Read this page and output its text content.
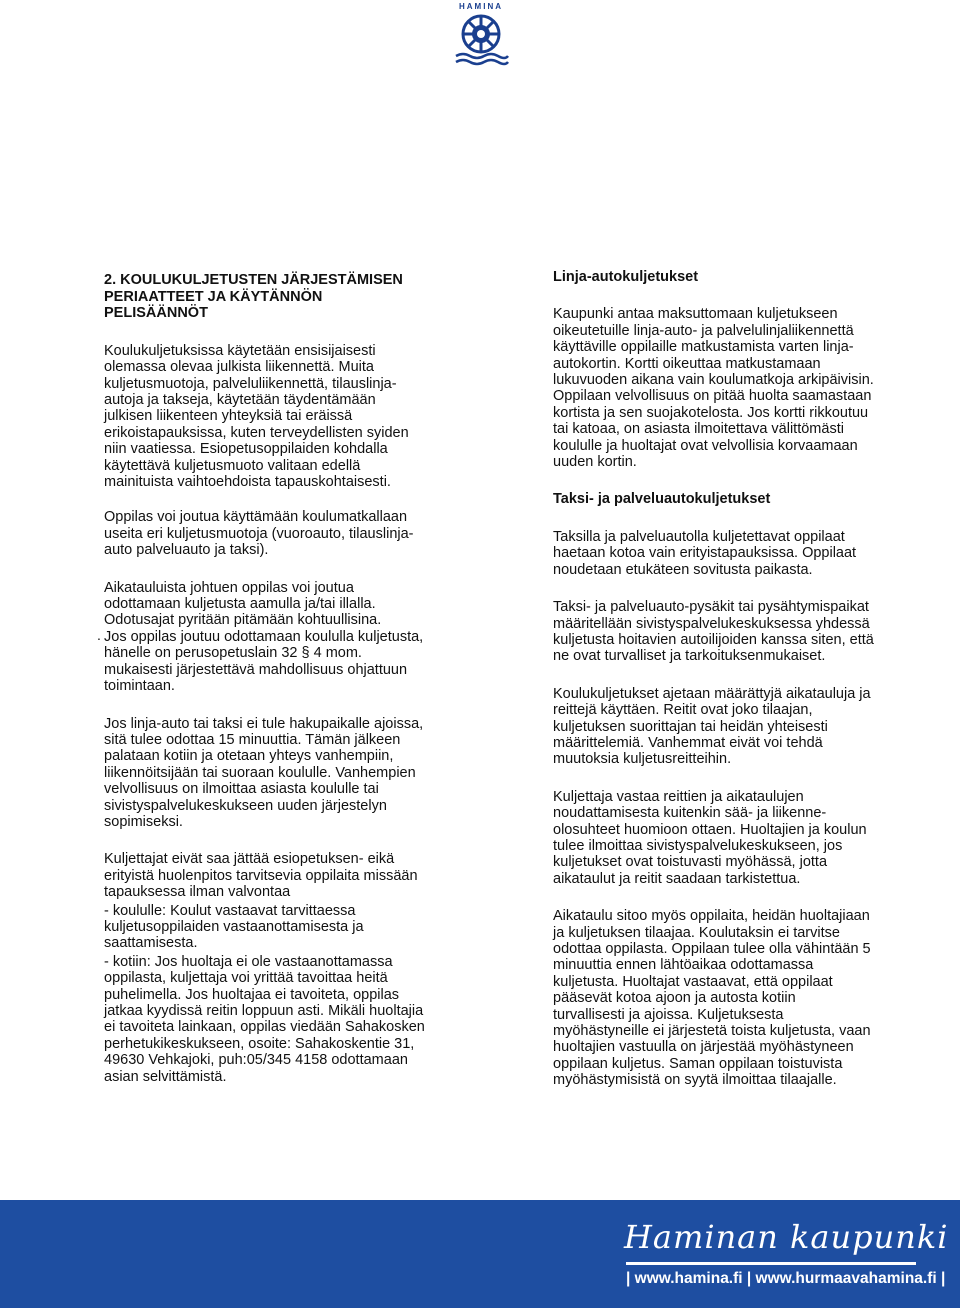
HAMINA

2. KOULUKULJETUSTEN JÄRJESTÄMISEN
PERIAATTEET JA KÄYTÄNNÖN
PELISÄÄNNÖT

Koulukuljetuksissa käytetään ensisijaisesti
olemassa olevaa julkista liikennettä. Muita
kuljetusmuotoja, palveluliikennettä, tilauslinja-
autoja ja takseja, käytetään täydentämään
julkisen liikenteen yhteyksiä tai eräissä
erikoistapauksissa, kuten terveydellisten syiden
niin vaatiessa. Esiopetusoppilaiden kohdalla
käytettävä kuljetusmuoto valitaan edellä
mainituista vaihtoehdoista tapauskohtaisesti.

Oppilas voi joutua käyttämään koulumatkallaan
useita eri kuljetusmuotoja (vuoroauto, tilauslinja-
auto palveluauto ja taksi).

Aikatauluista johtuen oppilas voi joutua
odottamaan kuljetusta aamulla ja/tai illalla.
Odotusajat pyritään pitämään kohtuullisina.
Jos oppilas joutuu odottamaan koululla kuljetusta,
hänelle on perusopetuslain 32 § 4 mom.
mukaisesti järjestettävä mahdollisuus ohjattuun
toimintaan.

Jos linja-auto tai taksi ei tule hakupaikalle ajoissa,
sitä tulee odottaa 15 minuuttia. Tämän jälkeen
palataan kotiin ja otetaan yhteys vanhempiin,
liikennöitsijään tai suoraan koululle. Vanhempien
velvollisuus on ilmoittaa asiasta koululle tai
sivistyspalvelukeskukseen uuden järjestelyn
sopimiseksi.

Kuljettajat eivät saa jättää esiopetuksen- eikä
erityistä huolenpitos tarvitsevia oppilaita missään
tapauksessa ilman valvontaa

- koululle: Koulut vastaavat tarvittaessa
kuljetusoppilaiden vastaanottamisesta ja
saattamisesta.

- kotiin: Jos huoltaja ei ole vastaanottamassa
oppilasta, kuljettaja voi yrittää tavoittaa heitä
puhelimella. Jos huoltajaa ei tavoiteta, oppilas
jatkaa kyydissä reitin loppuun asti. Mikäli huoltajia
ei tavoiteta lainkaan, oppilas viedään Sahakosken
perhetukikeskukseen, osoite: Sahakoskentie 31,
49630 Vehkajoki, puh:05/345 4158 odottamaan
asian selvittämistä.

.

Linja-autokuljetukset

Kaupunki antaa maksuttomaan kuljetukseen
oikeutetuille linja-auto- ja palvelulinjaliikennettä
käyttäville oppilaille matkustamista varten linja-
autokortin. Kortti oikeuttaa matkustamaan
lukuvuoden aikana vain koulumatkoja arkipäivisin.
Oppilaan velvollisuus on pitää huolta saamastaan
kortista ja sen suojakotelosta. Jos kortti rikkoutuu
tai katoaa, on asiasta ilmoitettava välittömästi
koululle ja huoltajat ovat velvollisia korvaamaan
uuden kortin.

Taksi- ja palveluautokuljetukset

Taksilla ja palveluautolla kuljetettavat oppilaat
haetaan kotoa vain erityistapauksissa. Oppilaat
noudetaan etukäteen sovitusta paikasta.

Taksi- ja palveluauto-pysäkit tai pysähtymispaikat
määritellään sivistyspalvelukeskuksessa yhdessä
kuljetusta hoitavien autoilijoiden kanssa siten, että
ne ovat turvalliset ja tarkoituksenmukaiset.

Koulukuljetukset ajetaan määrättyjä aikatauluja ja
reittejä käyttäen. Reitit ovat joko tilaajan,
kuljetuksen suorittajan tai heidän yhteisesti
määrittelemiä. Vanhemmat eivät voi tehdä
muutoksia kuljetusreitteihin.

Kuljettaja vastaa reittien ja aikataulujen
noudattamisesta kuitenkin sää- ja liikenne-
olosuhteet huomioon ottaen. Huoltajien ja koulun
tulee ilmoittaa sivistyspalvelukeskukseen, jos
kuljetukset ovat toistuvasti myöhässä, jotta
aikataulut ja reitit saadaan tarkistettua.

Aikataulu sitoo myös oppilaita, heidän huoltajiaan
ja kuljetuksen tilaajaa. Koulutaksin ei tarvitse
odottaa oppilasta. Oppilaan tulee olla vähintään 5
minuuttia ennen lähtöaikaa odottamassa
kuljetusta. Huoltajat vastaavat, että oppilaat
pääsevät kotoa ajoon ja autosta kotiin
turvallisesti ja ajoissa. Kuljetuksesta
myöhästyneille ei järjestetä toista kuljetusta, vaan
huoltajien vastuulla on järjestää myöhästyneen
oppilaan kuljetus. Saman oppilaan toistuvista
myöhästymisistä on syytä ilmoittaa tilaajalle.

Haminan kaupunki
| www.hamina.fi | www.hurmaavahamina.fi |
